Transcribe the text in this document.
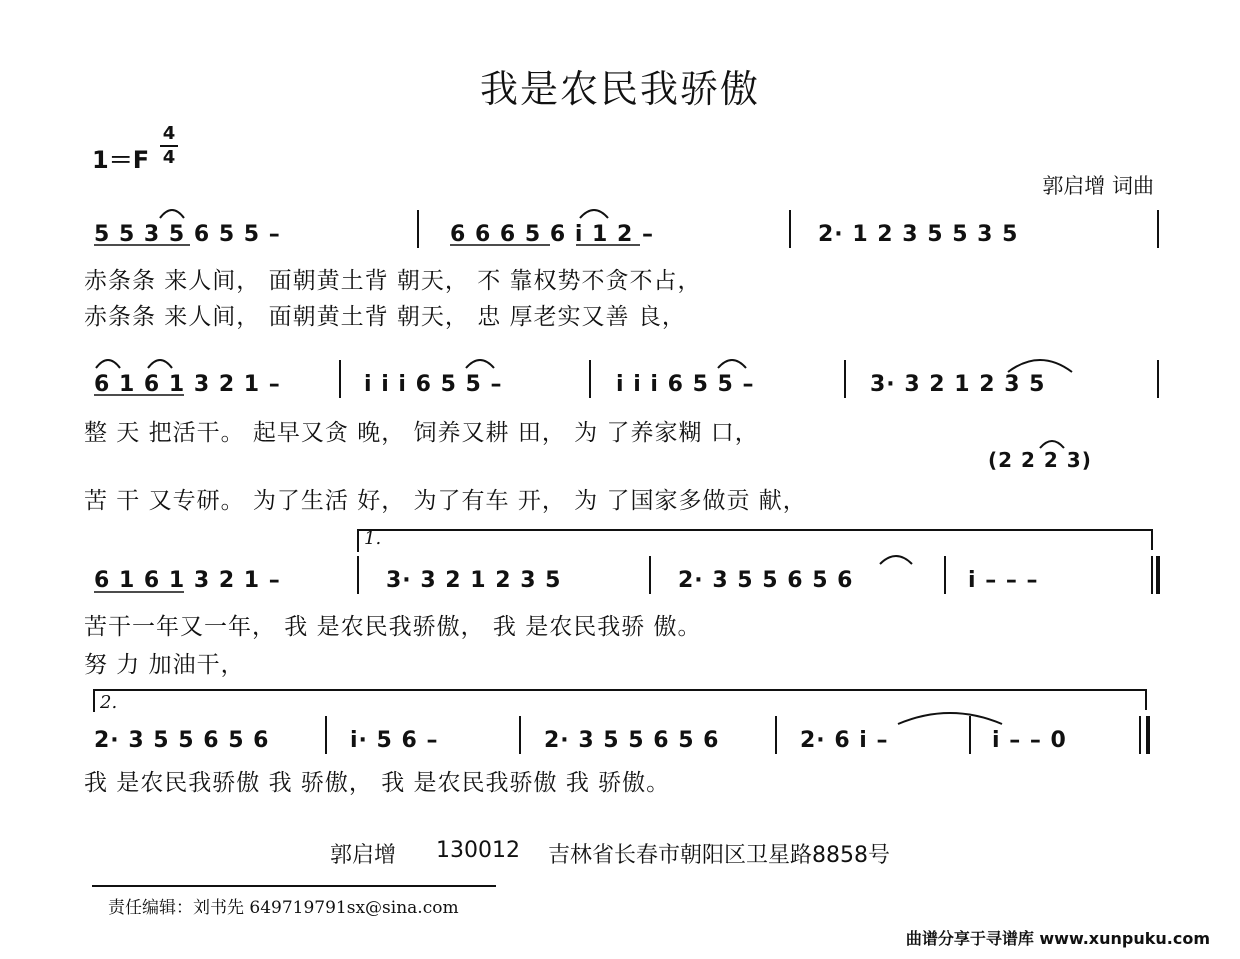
我是农民我骄傲
1＝F
4
4
郭启增 词曲
5 5 3 5 6 5 5 –	6 6 6 5 6 i 1 2 –	2· 1 2 3 5 5 3 5
赤条条 来人间， 面朝黄土背 朝天， 不 靠权势不贪不占，
赤条条 来人间， 面朝黄土背 朝天， 忠 厚老实又善 良，
6 1 6 1 3 2 1 –	i i i 6 5 5 –	i i i 6 5 5 –	3· 3 2 1 2 3 5
整 天 把活干。 起早又贪 晚， 饲养又耕 田， 为 了养家糊 口，
(2 2 2 3)
苦 干 又专研。 为了生活 好， 为了有车 开， 为 了国家多做贡 献，
1.
6 1 6 1 3 2 1 –	3· 3 2 1 2 3 5	2· 3 5 5 6 5 6	i – – –
苦干一年又一年， 我 是农民我骄傲， 我 是农民我骄 傲。
努 力 加油干，
2.
2· 3 5 5 6 5 6	i· 5 6 –	2· 3 5 5 6 5 6	2· 6 i –	i – – 0
我 是农民我骄傲 我 骄傲， 我 是农民我骄傲 我 骄傲。
郭启增 130012 吉林省长春市朝阳区卫星路8858号
责任编辑：刘书先 649719791sx@sina.com
曲谱分享于寻谱库 www.xunpuku.com
